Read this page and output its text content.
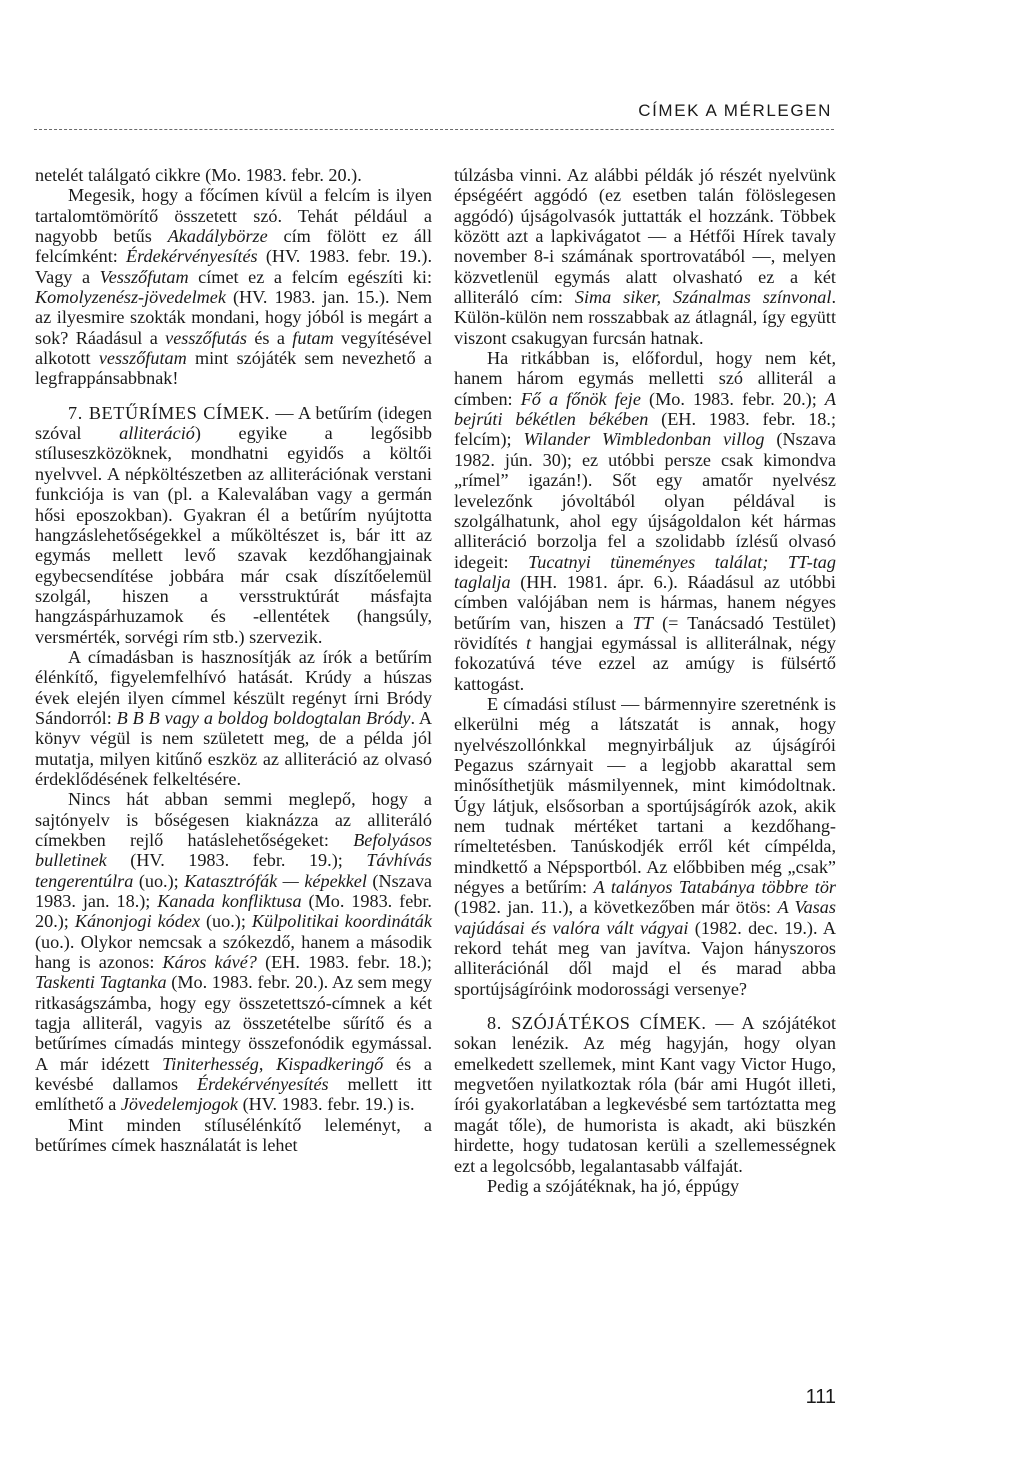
CÍMEK A MÉRLEGEN

netelét találgató cikkre (Mo. 1983. febr. 20.).

Megesik, hogy a főcímen kívül a felcím is ilyen tartalomtömörítő összetett szó. Tehát például a nagyobb betűs Akadálybörze cím fölött ez áll felcímként: Érdekérvényesítés (HV. 1983. febr. 19.). Vagy a Vesszőfutam címet ez a felcím egészíti ki: Komolyzenész-jövedelmek (HV. 1983. jan. 15.). Nem az ilyesmire szokták mondani, hogy jóból is megárt a sok? Ráadásul a vesszőfutás és a futam vegyítésével alkotott vesszőfutam mint szójáték sem nevezhető a legfrappánsabbnak!

7. BETŰRÍMES CÍMEK. — A betűrím (idegen szóval alliteráció) egyike a legősibb stíluseszközöknek, mondhatni egyidős a költői nyelvvel. A népköltészetben az alliterációnak verstani funkciója is van (pl. a Kalevalában vagy a germán hősi eposzokban). Gyakran él a betűrím nyújtotta hangzáslehetőségekkel a műköltészet is, bár itt az egymás mellett levő szavak kezdőhangjainak egybecsendítése jobbára már csak díszítőelemül szolgál, hiszen a versstruktúrát másfajta hangzáspárhuzamok és -ellentétek (hangsúly, versmérték, sorvégi rím stb.) szervezik.

A címadásban is hasznosítják az írók a betűrím élénkítő, figyelemfelhívó hatását. Krúdy a húszas évek elején ilyen címmel készült regényt írni Bródy Sándorról: B B B vagy a boldog boldogtalan Bródy. A könyv végül is nem született meg, de a példa jól mutatja, milyen kitűnő eszköz az alliteráció az olvasó érdeklődésének felkeltésére.

Nincs hát abban semmi meglepő, hogy a sajtónyelv is bőségesen kiaknázza az alliteráló címekben rejlő hatáslehetőségeket: Befolyásos bulletinek (HV. 1983. febr. 19.); Távhívás tengerentúlra (uo.); Katasztrófák — képekkel (Nszava 1983. jan. 18.); Kanada konfliktusa (Mo. 1983. febr. 20.); Kánonjogi kódex (uo.); Külpolitikai koordináták (uo.). Olykor nemcsak a szókezdő, hanem a második hang is azonos: Káros kávé? (EH. 1983. febr. 18.); Taskenti Tagtanka (Mo. 1983. febr. 20.). Az sem megy ritkaságszámba, hogy egy összetettszó-címnek a két tagja alliterál, vagyis az összetételbe sűrítő és a betűrímes címadás mintegy összefonódik egymással. A már idézett Tiniterhesség, Kispadkeringő és a kevésbé dallamos Érdekérvényesítés mellett itt említhető a Jövedelemjogok (HV. 1983. febr. 19.) is.

Mint minden stílusélénkítő leleményt, a betűrímes címek használatát is lehet

túlzásba vinni. Az alábbi példák jó részét nyelvünk épségéért aggódó (ez esetben talán fölöslegesen aggódó) újságolvasók juttatták el hozzánk. Többek között azt a lapkivágatot — a Hétfői Hírek tavaly november 8-i számának sportrovatából —, melyen közvetlenül egymás alatt olvasható ez a két alliteráló cím: Sima siker, Szánalmas színvonal. Külön-külön nem rosszabbak az átlagnál, így együtt viszont csakugyan furcsán hatnak.

Ha ritkábban is, előfordul, hogy nem két, hanem három egymás melletti szó alliterál a címben: Fő a főnök feje (Mo. 1983. febr. 20.); A bejrúti békétlen békében (EH. 1983. febr. 18.; felcím); Wilander Wimbledonban villog (Nszava 1982. jún. 30); ez utóbbi persze csak kimondva „rímel” igazán!). Sőt egy amatőr nyelvész levelezőnk jóvoltából olyan példával is szolgálhatunk, ahol egy újságoldalon két hármas alliteráció borzolja fel a szolidabb ízlésű olvasó idegeit: Tucatnyi tüneményes találat; TT-tag taglalja (HH. 1981. ápr. 6.). Ráadásul az utóbbi címben valójában nem is hármas, hanem négyes betűrím van, hiszen a TT (= Tanácsadó Testület) rövidítés t hangjai egymással is alliterálnak, négy fokozatúvá téve ezzel az amúgy is fülsértő kattogást.

E címadási stílust — bármennyire szeretnénk is elkerülni még a látszatát is annak, hogy nyelvészollónkkal megnyirbáljuk az újságírói Pegazus szárnyait — a legjobb akarattal sem minősíthetjük másmilyennek, mint kimódoltnak. Úgy látjuk, elsősorban a sportújságírók azok, akik nem tudnak mértéket tartani a kezdőhang-rímeltetésben. Tanúskodjék erről két címpélda, mindkettő a Népsportból. Az előbbiben még „csak” négyes a betűrím: A talányos Tatabánya többre tör (1982. jan. 11.), a következőben már ötös: A Vasas vajúdásai és valóra vált vágyai (1982. dec. 19.). A rekord tehát meg van javítva. Vajon hányszoros alliterációnál dől majd el és marad abba sportújságíróink modorossági versenye?

8. SZÓJÁTÉKOS CÍMEK. — A szójátékot sokan lenézik. Az még hagyján, hogy olyan emelkedett szellemek, mint Kant vagy Victor Hugo, megvetően nyilatkoztak róla (bár ami Hugót illeti, írói gyakorlatában a legkevésbé sem tartóztatta meg magát tőle), de humorista is akadt, aki büszkén hirdette, hogy tudatosan kerüli a szellemességnek ezt a legolcsóbb, legalantasabb válfaját.

Pedig a szójátéknak, ha jó, éppúgy

111
